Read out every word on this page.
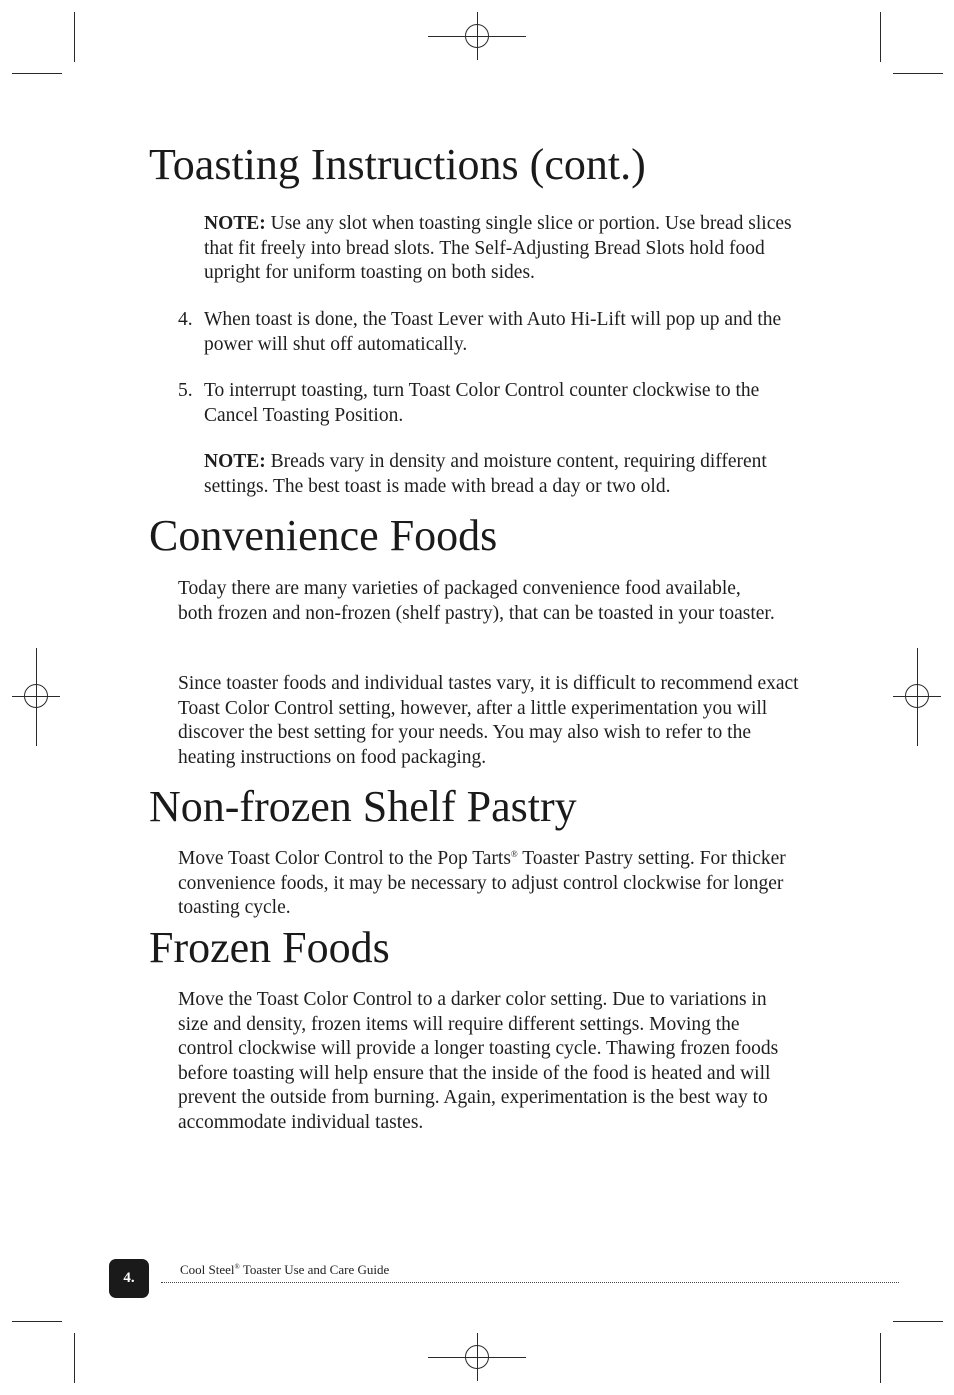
Toasting Instructions (cont.)

NOTE: Use any slot when toasting single slice or portion. Use bread slices that fit freely into bread slots. The Self-Adjusting Bread Slots hold food upright for uniform toasting on both sides.

4. When toast is done, the Toast Lever with Auto Hi-Lift will pop up and the power will shut off automatically.

5. To interrupt toasting, turn Toast Color Control counter clockwise to the Cancel Toasting Position.

NOTE: Breads vary in density and moisture content, requiring different settings. The best toast is made with bread a day or two old.

Convenience Foods

Today there are many varieties of packaged convenience food available, both frozen and non-frozen (shelf pastry), that can be toasted in your toaster.

Since toaster foods and individual tastes vary, it is difficult to recommend exact Toast Color Control setting, however, after a little experimentation you will discover the best setting for your needs. You may also wish to refer to the heating instructions on food packaging.

Non-frozen Shelf Pastry

Move Toast Color Control to the Pop Tarts® Toaster Pastry setting. For thicker convenience foods, it may be necessary to adjust control clockwise for longer toasting cycle.

Frozen Foods

Move the Toast Color Control to a darker color setting. Due to variations in size and density, frozen items will require different settings. Moving the control clockwise will provide a longer toasting cycle. Thawing frozen foods before toasting will help ensure that the inside of the food is heated and will prevent the outside from burning. Again, experimentation is the best way to accommodate individual tastes.

4.
Cool Steel® Toaster Use and Care Guide
